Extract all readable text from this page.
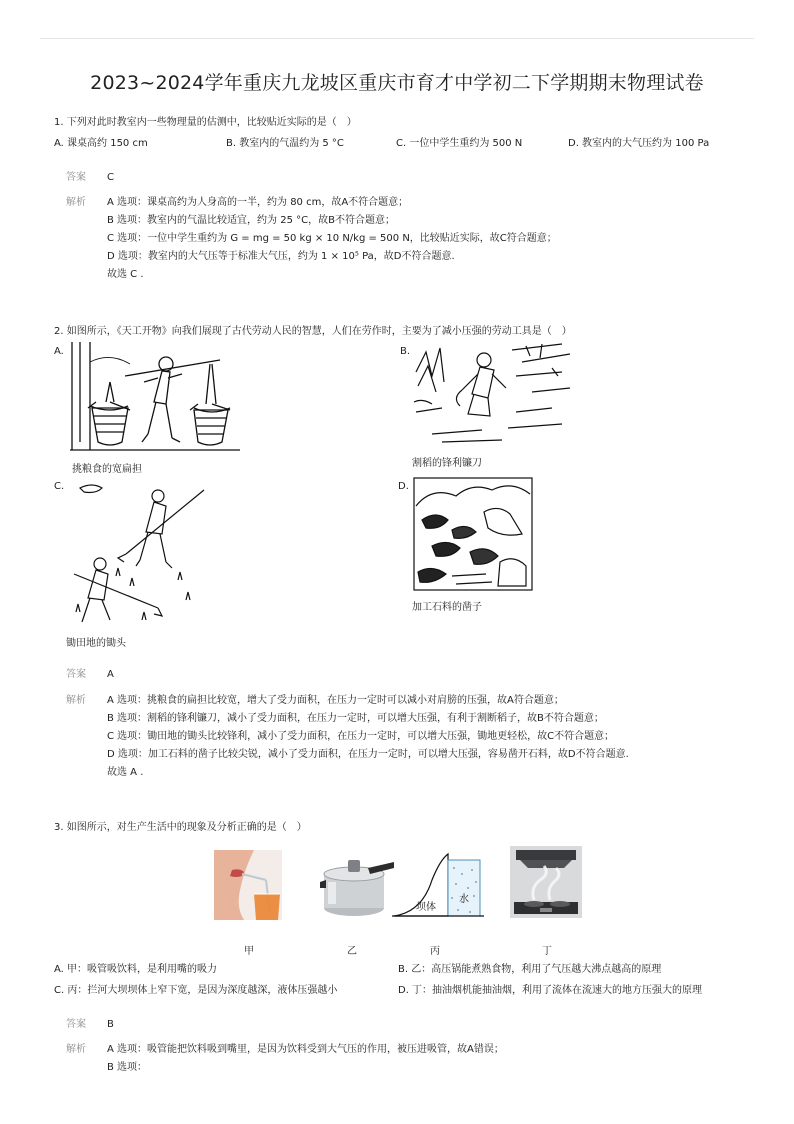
2023~2024学年重庆九龙坡区重庆市育才中学初二下学期期末物理试卷
1. 下列对此时教室内一些物理量的估测中，比较贴近实际的是（　）
A. 课桌高约 150 cm	B. 教室内的气温约为 5 °C	C. 一位中学生重约为 500 N	D. 教室内的大气压约为 100 Pa
答案 C
解析 A 选项：课桌高约为人身高的一半，约为 80 cm，故A不符合题意；
B 选项：教室内的气温比较适宜，约为 25 °C，故B不符合题意；
C 选项：一位中学生重约为 G = mg = 50 kg × 10 N/kg = 500 N，比较贴近实际，故C符合题意；
D 选项：教室内的大气压等于标准大气压，约为 1 × 10⁵ Pa，故D不符合题意.
故选 C .
2. 如图所示，《天工开物》向我们展现了古代劳动人民的智慧，人们在劳作时，主要为了减小压强的劳动工具是（　）
A.
挑粮食的宽扁担
B.
割稻的锋利镰刀
C.
锄田地的锄头
D.
加工石料的凿子
答案 A
解析 A 选项：挑粮食的扁担比较宽，增大了受力面积，在压力一定时可以减小对肩膀的压强，故A符合题意；
B 选项：割稻的锋利镰刀，减小了受力面积，在压力一定时，可以增大压强，有利于割断稻子，故B不符合题意；
C 选项：锄田地的锄头比较锋利，减小了受力面积，在压力一定时，可以增大压强，锄地更轻松，故C不符合题意；
D 选项：加工石料的凿子比较尖锐，减小了受力面积，在压力一定时，可以增大压强，容易凿开石料，故D不符合题意.
故选 A .
3. 如图所示，对生产生活中的现象及分析正确的是（　）
坝体
水
甲	乙	丙	丁
A. 甲：吸管吸饮料，是利用嘴的吸力	B. 乙：高压锅能煮熟食物，利用了气压越大沸点越高的原理
C. 丙：拦河大坝坝体上窄下宽，是因为深度越深，液体压强越小	D. 丁：抽油烟机能抽油烟，利用了流体在流速大的地方压强大的原理
答案 B
解析 A 选项：吸管能把饮料吸到嘴里，是因为饮料受到大气压的作用，被压进吸管，故A错误；
B 选项：
